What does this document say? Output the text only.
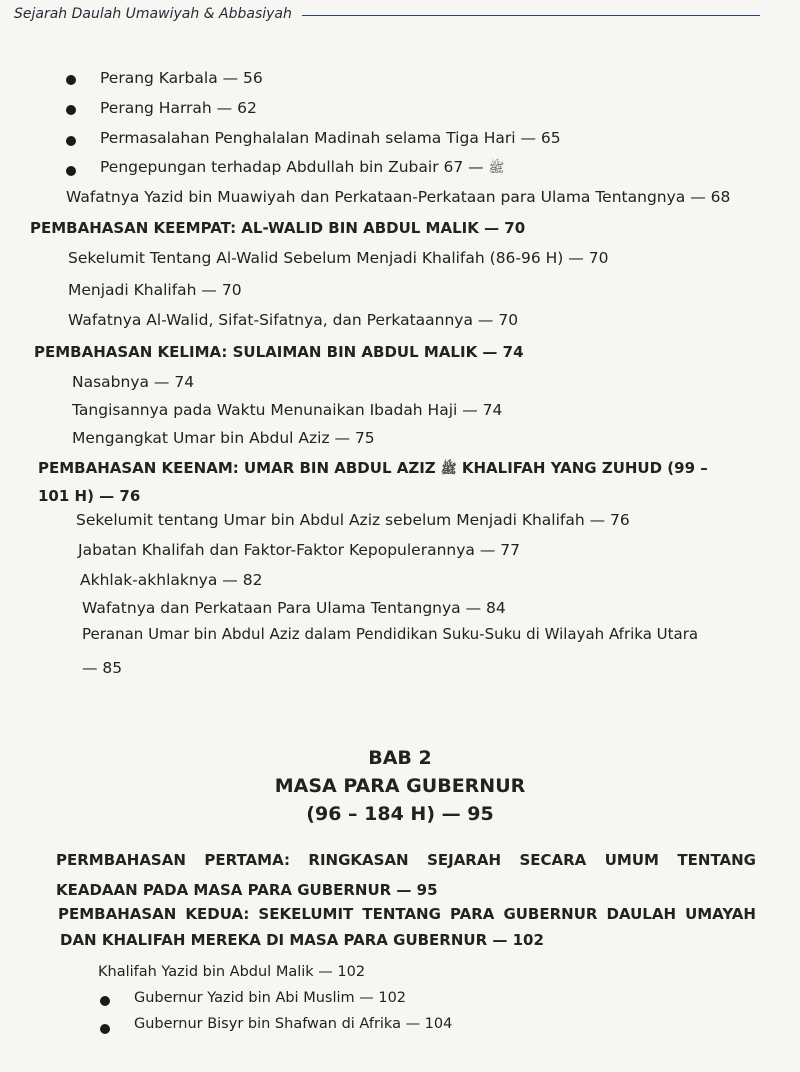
Sejarah Daulah Umawiyah & Abbasiyah
Perang Karbala — 56
Perang Harrah — 62
Permasalahan Penghalalan Madinah selama Tiga Hari — 65
Pengepungan terhadap Abdullah bin Zubair	ﷺ — 67
Wafatnya Yazid bin Muawiyah dan Perkataan-Perkataan para Ulama Tentangnya — 68
PEMBAHASAN KEEMPAT: AL-WALID BIN ABDUL MALIK — 70
Sekelumit Tentang Al-Walid Sebelum Menjadi Khalifah (86-96 H) — 70
Menjadi Khalifah — 70
Wafatnya Al-Walid, Sifat-Sifatnya, dan Perkataannya — 70
PEMBAHASAN KELIMA: SULAIMAN BIN ABDUL MALIK — 74
Nasabnya — 74
Tangisannya pada Waktu Menunaikan Ibadah Haji — 74
Mengangkat Umar bin Abdul Aziz — 75
PEMBAHASAN KEENAM: UMAR BIN ABDUL AZIZ ﷺ KHALIFAH YANG ZUHUD (99 –
101 H) — 76
Sekelumit tentang Umar bin Abdul Aziz sebelum Menjadi Khalifah — 76
Jabatan Khalifah dan Faktor-Faktor Kepopulerannya — 77
Akhlak-akhlaknya — 82
Wafatnya dan Perkataan Para Ulama Tentangnya — 84
Peranan Umar bin Abdul Aziz dalam Pendidikan Suku-Suku di Wilayah Afrika Utara
— 85
BAB 2
MASA PARA GUBERNUR
(96 – 184 H) — 95
PERMBAHASAN PERTAMA: RINGKASAN SEJARAH SECARA UMUM TENTANG
KEADAAN PADA MASA PARA GUBERNUR — 95
PEMBAHASAN KEDUA: SEKELUMIT TENTANG PARA GUBERNUR DAULAH UMAYAH
DAN KHALIFAH MEREKA DI MASA PARA GUBERNUR — 102
Khalifah Yazid bin Abdul Malik — 102
Gubernur Yazid bin Abi Muslim — 102
Gubernur Bisyr bin Shafwan di Afrika — 104
